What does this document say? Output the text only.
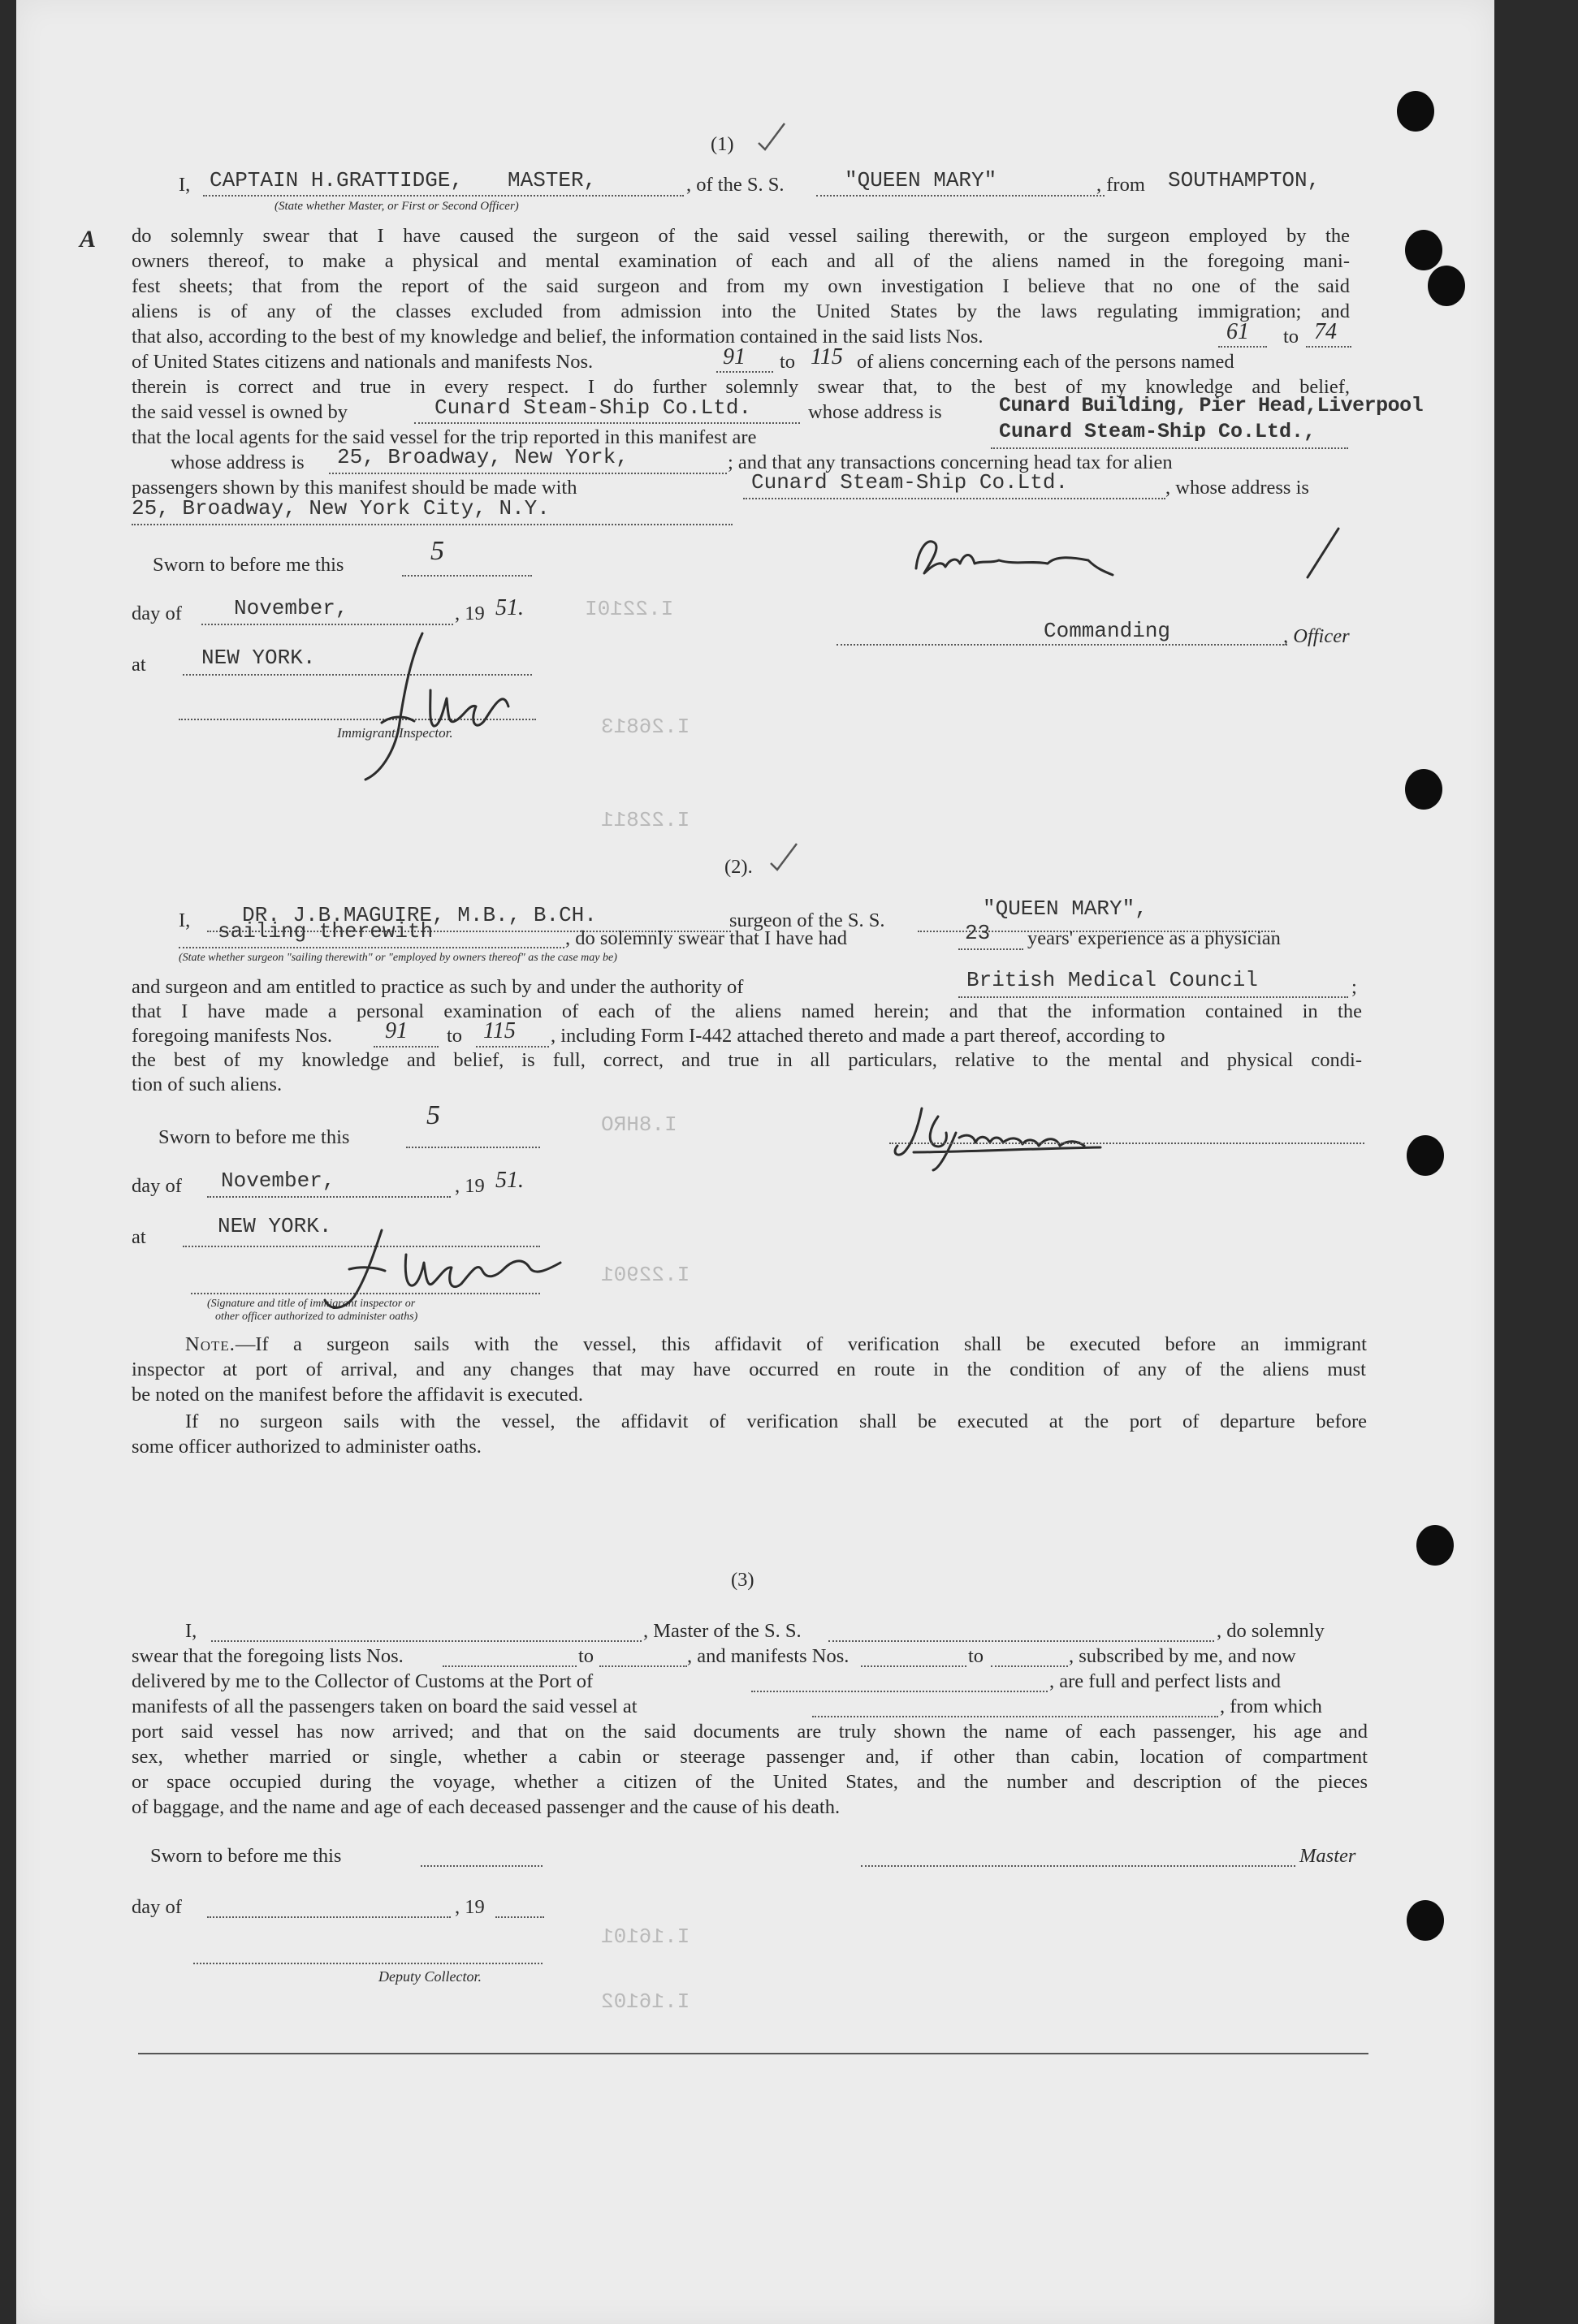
I.2210I
I.26813
I.22811
I.8HRO
I.22901
I.16101
I.16102
(1)
I, CAPTAIN H.GRATTIDGE, MASTER,	, of the S. S.	"QUEEN MARY"	, from SOUTHAMPTON,
(State whether Master, or First or Second Officer)
A do solemnly swear that I have caused the surgeon of the said vessel sailing therewith, or the surgeon employed by the
owners thereof, to make a physical and mental examination of each and all of the aliens named in the foregoing mani-
fest sheets; that from the report of the said surgeon and from my own investigation I believe that no one of the said
aliens is of any of the classes excluded from admission into the United States by the laws regulating immigration; and
that also, according to the best of my knowledge and belief, the information contained in the said lists Nos.	61 to 74
of United States citizens and nationals and manifests Nos.	91 to 115 of aliens concerning each of the persons named
therein is correct and true in every respect. I do further solemnly swear that, to the best of my knowledge and belief,
the said vessel is owned by	Cunard Steam-Ship Co.Ltd.	whose address is	Cunard Building, Pier Head,Liverpool
that the local agents for the said vessel for the trip reported in this manifest are	Cunard Steam-Ship Co.Ltd.,
whose address is 25, Broadway, New York,	; and that any transactions concerning head tax for alien
passengers shown by this manifest should be made with	Cunard Steam-Ship Co.Ltd.	, whose address is
25, Broadway, New York City, N.Y.
Sworn to before me this	5
day of November,	, 19 51.
at	NEW YORK.
Immigrant Inspector.
Commanding	, Officer
(2).
I, DR. J.B.MAGUIRE, M.B., B.CH.	surgeon of the S. S.	"QUEEN MARY",
sailing therewith	, do solemnly swear that I have had	23 years' experience as a physician
(State whether surgeon "sailing therewith" or "employed by owners thereof" as the case may be)
and surgeon and am entitled to practice as such by and under the authority of	British Medical Council	;
that I have made a personal examination of each of the aliens named herein; and that the information contained in the
foregoing manifests Nos. 91 to 115 , including Form I-442 attached thereto and made a part thereof, according to
the best of my knowledge and belief, is full, correct, and true in all particulars, relative to the mental and physical condi-
tion of such aliens.
Sworn to before me this
5
day of November,	, 19 51.
at	NEW YORK.
(Signature and title of immigrant inspector or
other officer authorized to administer oaths)
Note.—If a surgeon sails with the vessel, this affidavit of verification shall be executed before an immigrant
inspector at port of arrival, and any changes that may have occurred en route in the condition of any of the aliens must
be noted on the manifest before the affidavit is executed.
If no surgeon sails with the vessel, the affidavit of verification shall be executed at the port of departure before
some officer authorized to administer oaths.
(3)
I,	, Master of the S. S.	, do solemnly
swear that the foregoing lists Nos.	to	, and manifests Nos.	to	, subscribed by me, and now
delivered by me to the Collector of Customs at the Port of	, are full and perfect lists and
manifests of all the passengers taken on board the said vessel at	, from which
port said vessel has now arrived; and that on the said documents are truly shown the name of each passenger, his age and
sex, whether married or single, whether a cabin or steerage passenger and, if other than cabin, location of compartment
or space occupied during the voyage, whether a citizen of the United States, and the number and description of the pieces
of baggage, and the name and age of each deceased passenger and the cause of his death.
Sworn to before me this	Master
day of	, 19
Deputy Collector.
